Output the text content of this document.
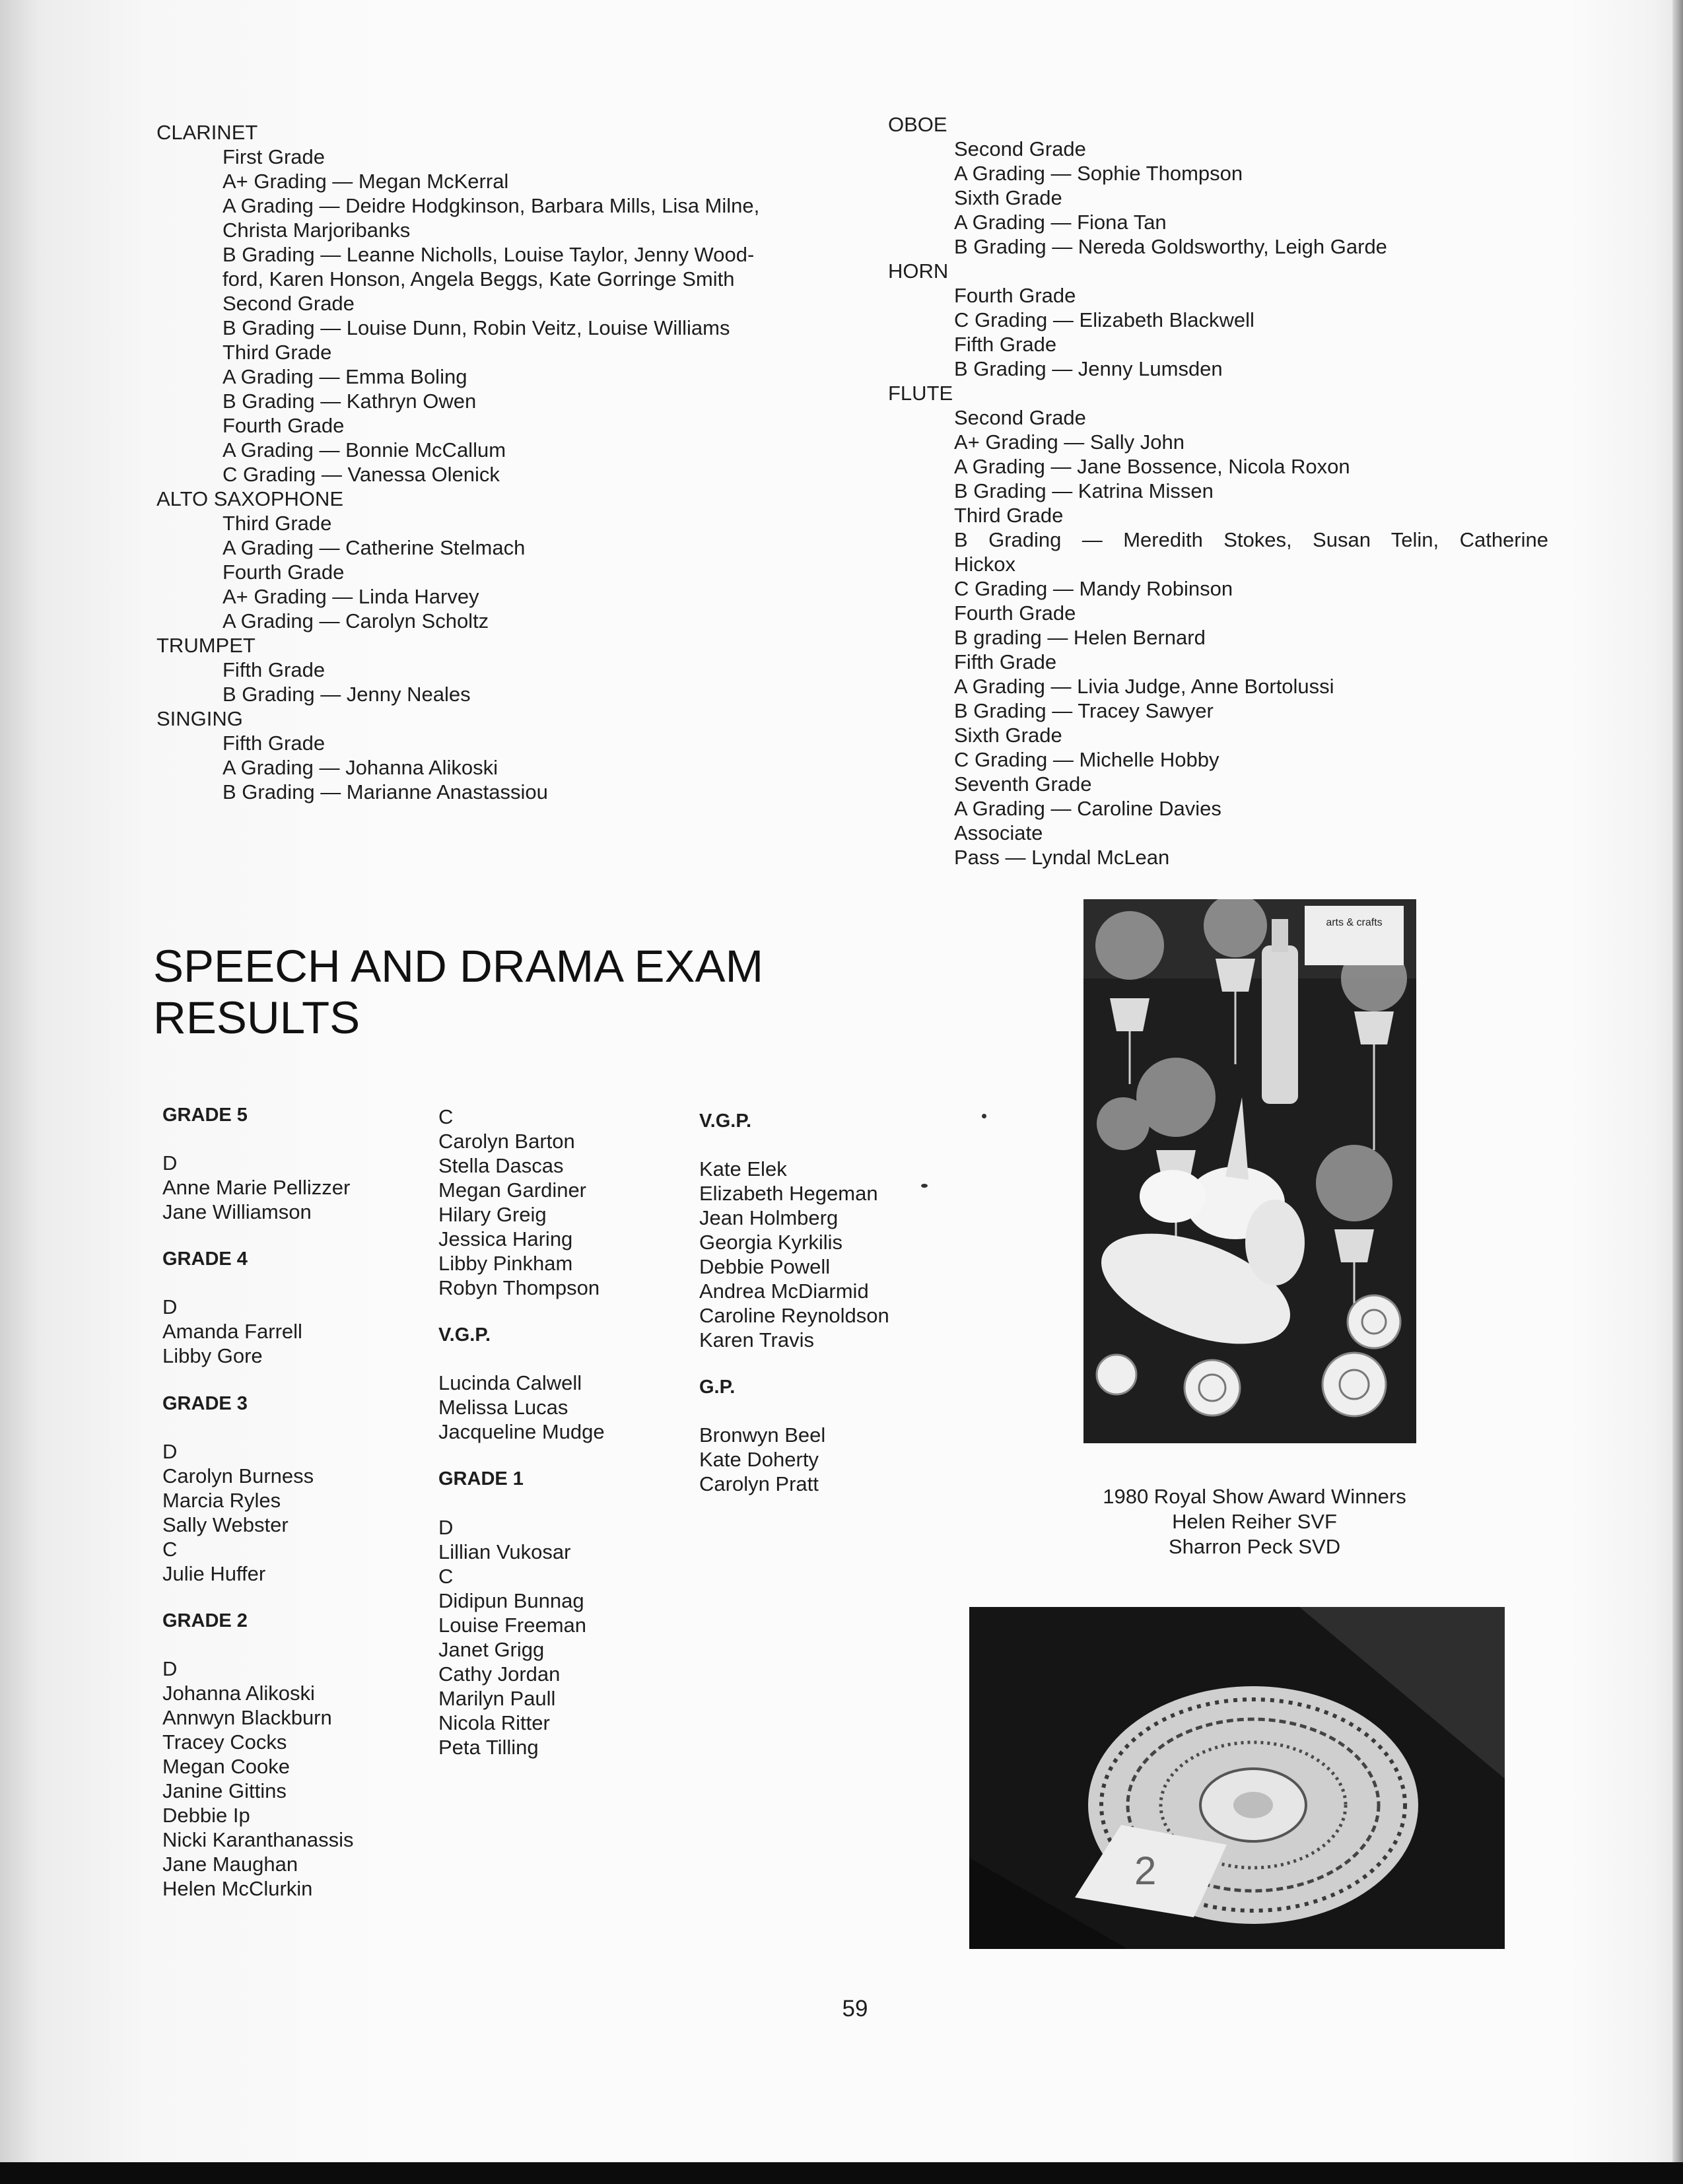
CLARINET
First Grade
A+ Grading — Megan McKerral
A Grading — Deidre Hodgkinson, Barbara Mills, Lisa Milne,
Christa Marjoribanks
B Grading — Leanne Nicholls, Louise Taylor, Jenny Wood-
ford, Karen Honson, Angela Beggs, Kate Gorringe Smith
Second Grade
B Grading — Louise Dunn, Robin Veitz, Louise Williams
Third Grade
A Grading — Emma Boling
B Grading — Kathryn Owen
Fourth Grade
A Grading — Bonnie McCallum
C Grading — Vanessa Olenick
ALTO SAXOPHONE
Third Grade
A Grading — Catherine Stelmach
Fourth Grade
A+ Grading — Linda Harvey
A Grading — Carolyn Scholtz
TRUMPET
Fifth Grade
B Grading — Jenny Neales
SINGING
Fifth Grade
A Grading — Johanna Alikoski
B Grading — Marianne Anastassiou
OBOE
Second Grade
A Grading — Sophie Thompson
Sixth Grade
A Grading — Fiona Tan
B Grading — Nereda Goldsworthy, Leigh Garde
HORN
Fourth Grade
C Grading — Elizabeth Blackwell
Fifth Grade
B Grading — Jenny Lumsden
FLUTE
Second Grade
A+ Grading — Sally John
A Grading — Jane Bossence, Nicola Roxon
B Grading — Katrina Missen
Third Grade
B Grading — Meredith Stokes, Susan Telin, Catherine
Hickox
C Grading — Mandy Robinson
Fourth Grade
B grading — Helen Bernard
Fifth Grade
A Grading — Livia Judge, Anne Bortolussi
B Grading — Tracey Sawyer
Sixth Grade
C Grading — Michelle Hobby
Seventh Grade
A Grading — Caroline Davies
Associate
Pass — Lyndal McLean
SPEECH AND DRAMA EXAM
RESULTS
GRADE 5
D
Anne Marie Pellizzer
Jane Williamson
GRADE 4
D
Amanda Farrell
Libby Gore
GRADE 3
D
Carolyn Burness
Marcia Ryles
Sally Webster
C
Julie Huffer
GRADE 2
D
Johanna Alikoski
Annwyn Blackburn
Tracey Cocks
Megan Cooke
Janine Gittins
Debbie Ip
Nicki Karanthanassis
Jane Maughan
Helen McClurkin
C
Carolyn Barton
Stella Dascas
Megan Gardiner
Hilary Greig
Jessica Haring
Libby Pinkham
Robyn Thompson
V.G.P.
Lucinda Calwell
Melissa Lucas
Jacqueline Mudge
GRADE 1
D
Lillian Vukosar
C
Didipun Bunnag
Louise Freeman
Janet Grigg
Cathy Jordan
Marilyn Paull
Nicola Ritter
Peta Tilling
V.G.P.
Kate Elek
Elizabeth Hegeman
Jean Holmberg
Georgia Kyrkilis
Debbie Powell
Andrea McDiarmid
Caroline Reynoldson
Karen Travis
G.P.
Bronwyn Beel
Kate Doherty
Carolyn Pratt
arts & crafts
1980 Royal Show Award Winners
Helen Reiher SVF
Sharron Peck SVD
2
59
